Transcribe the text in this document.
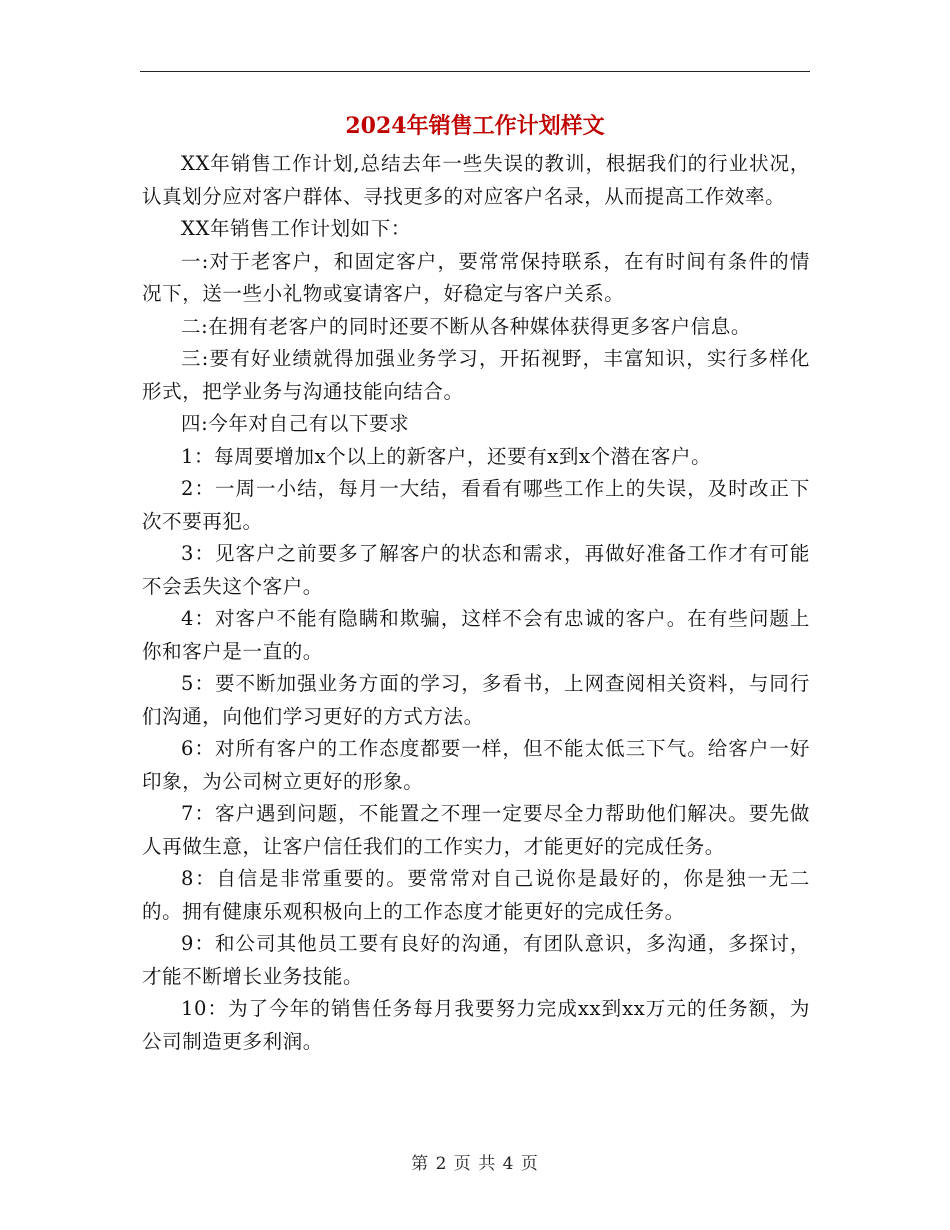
2024年销售工作计划样文

XX年销售工作计划,总结去年一些失误的教训，根据我们的行业状况，认真划分应对客户群体、寻找更多的对应客户名录，从而提高工作效率。

XX年销售工作计划如下：

一:对于老客户，和固定客户，要常常保持联系，在有时间有条件的情况下，送一些小礼物或宴请客户，好稳定与客户关系。

二:在拥有老客户的同时还要不断从各种媒体获得更多客户信息。

三:要有好业绩就得加强业务学习，开拓视野，丰富知识，实行多样化形式，把学业务与沟通技能向结合。

四:今年对自己有以下要求

1：每周要增加x个以上的新客户，还要有x到x个潜在客户。

2：一周一小结，每月一大结，看看有哪些工作上的失误，及时改正下次不要再犯。

3：见客户之前要多了解客户的状态和需求，再做好准备工作才有可能不会丢失这个客户。

4：对客户不能有隐瞒和欺骗，这样不会有忠诚的客户。在有些问题上你和客户是一直的。

5：要不断加强业务方面的学习，多看书，上网查阅相关资料，与同行们沟通，向他们学习更好的方式方法。

6：对所有客户的工作态度都要一样，但不能太低三下气。给客户一好印象，为公司树立更好的形象。

7：客户遇到问题，不能置之不理一定要尽全力帮助他们解决。要先做人再做生意，让客户信任我们的工作实力，才能更好的完成任务。

8：自信是非常重要的。要常常对自己说你是最好的，你是独一无二的。拥有健康乐观积极向上的工作态度才能更好的完成任务。

9：和公司其他员工要有良好的沟通，有团队意识，多沟通，多探讨，才能不断增长业务技能。

10：为了今年的销售任务每月我要努力完成xx到xx万元的任务额，为公司制造更多利润。

第 2 页 共 4 页
